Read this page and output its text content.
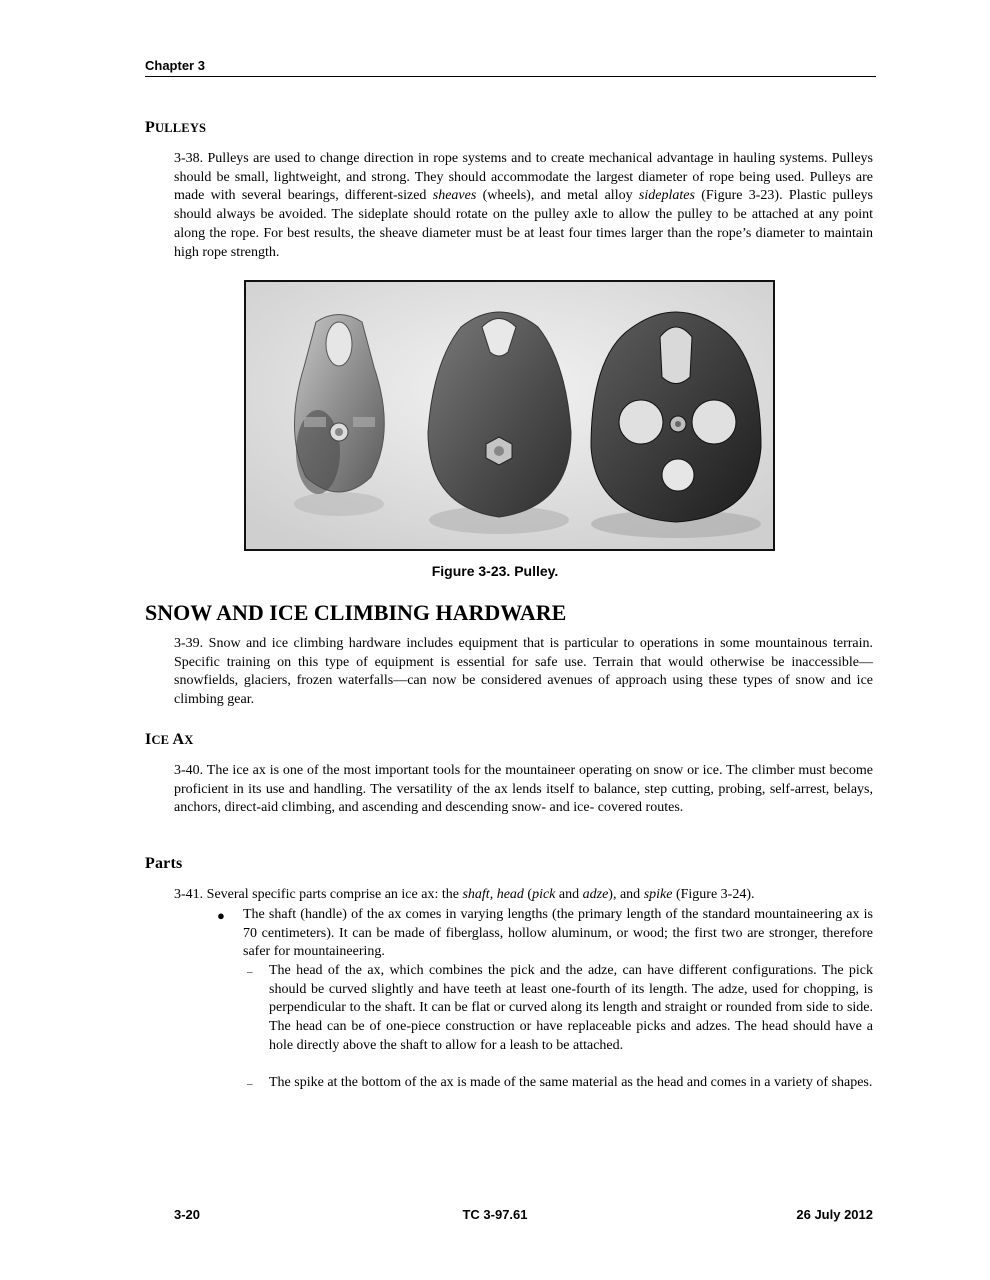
Chapter 3
PULLEYS
3-38. Pulleys are used to change direction in rope systems and to create mechanical advantage in hauling systems. Pulleys should be small, lightweight, and strong. They should accommodate the largest diameter of rope being used. Pulleys are made with several bearings, different-sized sheaves (wheels), and metal alloy sideplates (Figure 3-23). Plastic pulleys should always be avoided. The sideplate should rotate on the pulley axle to allow the pulley to be attached at any point along the rope. For best results, the sheave diameter must be at least four times larger than the rope’s diameter to maintain high rope strength.
Figure 3-23. Pulley.
SNOW AND ICE CLIMBING HARDWARE
3-39. Snow and ice climbing hardware includes equipment that is particular to operations in some mountainous terrain. Specific training on this type of equipment is essential for safe use. Terrain that would otherwise be inaccessible—snowfields, glaciers, frozen waterfalls—can now be considered avenues of approach using these types of snow and ice climbing gear.
ICE AX
3-40. The ice ax is one of the most important tools for the mountaineer operating on snow or ice. The climber must become proficient in its use and handling. The versatility of the ax lends itself to balance, step cutting, probing, self-arrest, belays, anchors, direct-aid climbing, and ascending and descending snow- and ice- covered routes.
Parts
3-41. Several specific parts comprise an ice ax: the shaft, head (pick and adze), and spike (Figure 3-24).
● The shaft (handle) of the ax comes in varying lengths (the primary length of the standard mountaineering ax is 70 centimeters). It can be made of fiberglass, hollow aluminum, or wood; the first two are stronger, therefore safer for mountaineering.
– The head of the ax, which combines the pick and the adze, can have different configurations. The pick should be curved slightly and have teeth at least one-fourth of its length. The adze, used for chopping, is perpendicular to the shaft. It can be flat or curved along its length and straight or rounded from side to side. The head can be of one-piece construction or have replaceable picks and adzes. The head should have a hole directly above the shaft to allow for a leash to be attached.
– The spike at the bottom of the ax is made of the same material as the head and comes in a variety of shapes.
3-20	TC 3-97.61	26 July 2012
